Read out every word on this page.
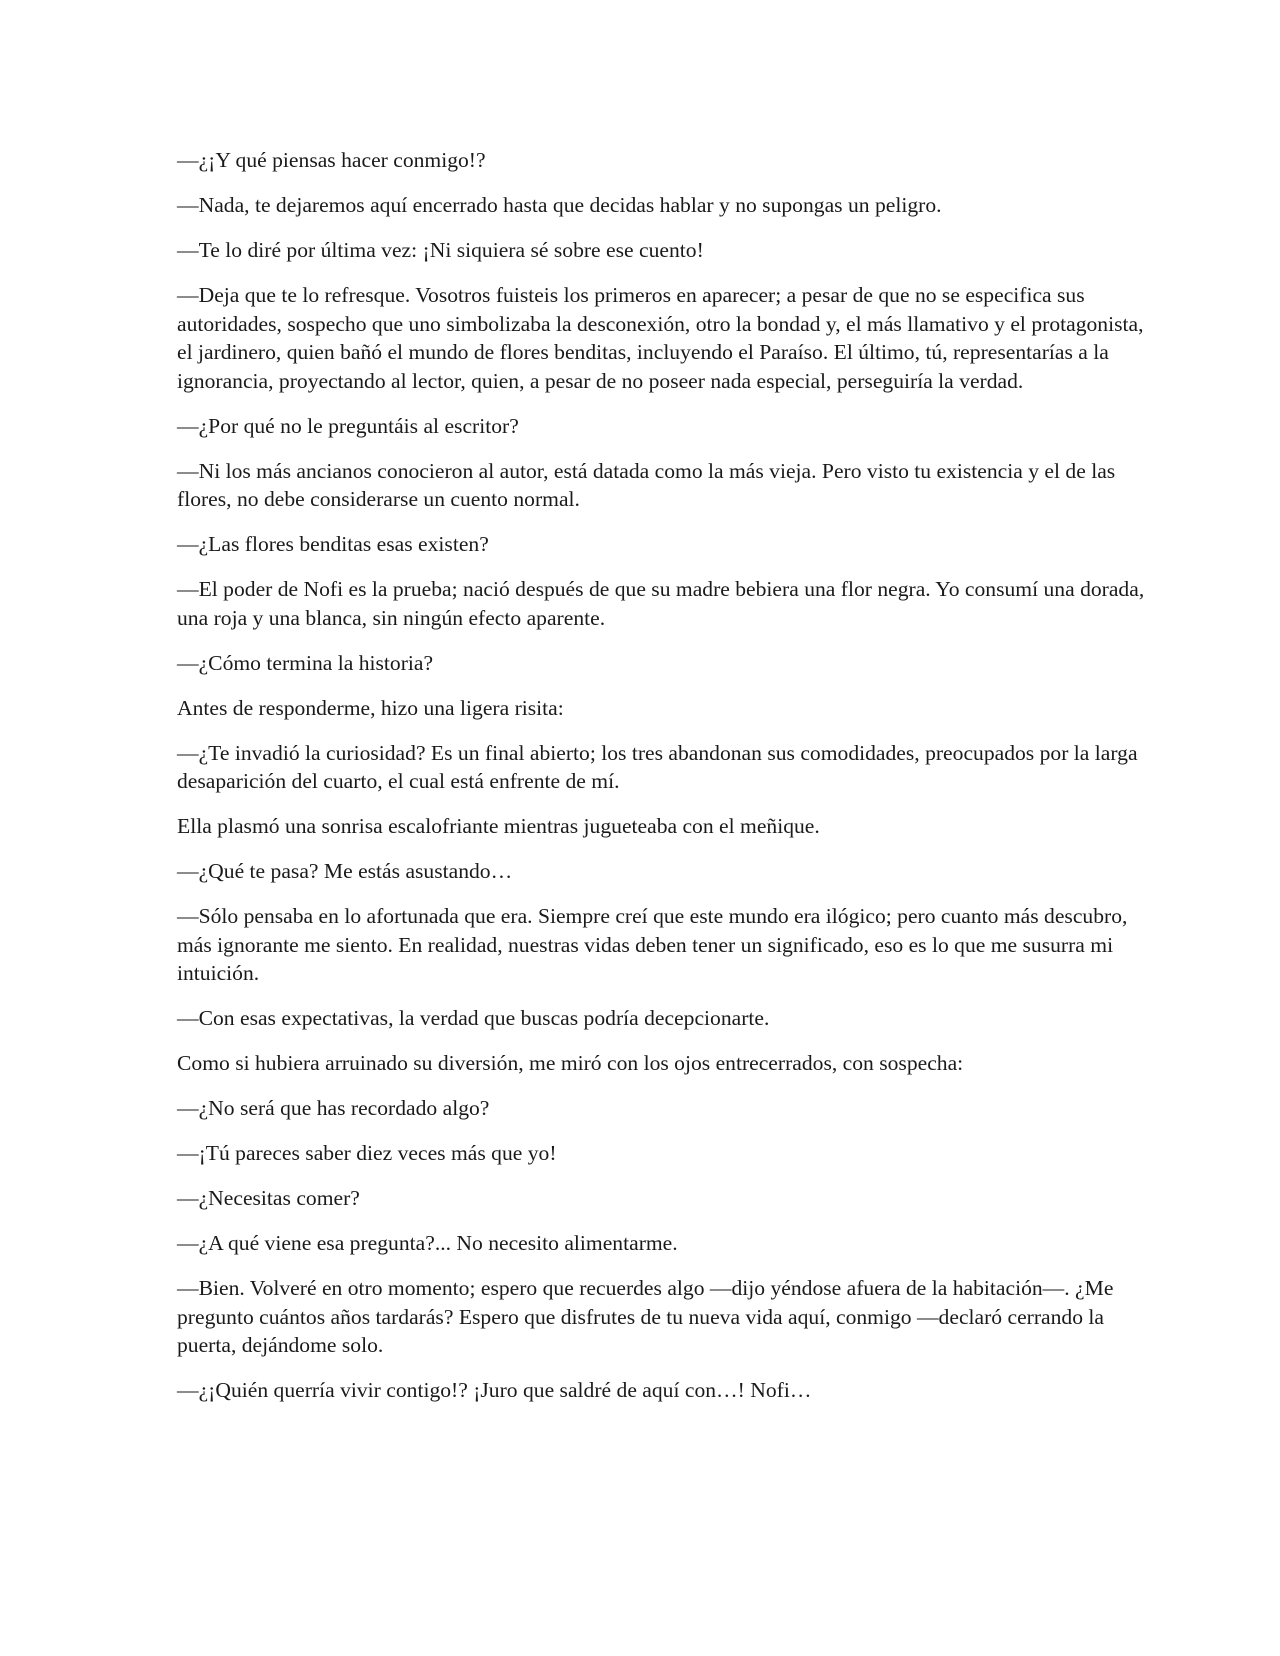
—¿¡Y qué piensas hacer conmigo!?

—Nada, te dejaremos aquí encerrado hasta que decidas hablar y no supongas un peligro.

—Te lo diré por última vez: ¡Ni siquiera sé sobre ese cuento!

—Deja que te lo refresque. Vosotros fuisteis los primeros en aparecer; a pesar de que no se especifica sus autoridades, sospecho que uno simbolizaba la desconexión, otro la bondad y, el más llamativo y el protagonista, el jardinero, quien bañó el mundo de flores benditas, incluyendo el Paraíso. El último, tú, representarías a la ignorancia, proyectando al lector, quien, a pesar de no poseer nada especial, perseguiría la verdad.

—¿Por qué no le preguntáis al escritor?

—Ni los más ancianos conocieron al autor, está datada como la más vieja. Pero visto tu existencia y el de las flores, no debe considerarse un cuento normal.

—¿Las flores benditas esas existen?

—El poder de Nofi es la prueba; nació después de que su madre bebiera una flor negra. Yo consumí una dorada, una roja y una blanca, sin ningún efecto aparente.

—¿Cómo termina la historia?

Antes de responderme, hizo una ligera risita:

—¿Te invadió la curiosidad? Es un final abierto; los tres abandonan sus comodidades, preocupados por la larga desaparición del cuarto, el cual está enfrente de mí.

Ella plasmó una sonrisa escalofriante mientras jugueteaba con el meñique.

—¿Qué te pasa? Me estás asustando…

—Sólo pensaba en lo afortunada que era. Siempre creí que este mundo era ilógico; pero cuanto más descubro, más ignorante me siento. En realidad, nuestras vidas deben tener un significado, eso es lo que me susurra mi intuición.

—Con esas expectativas, la verdad que buscas podría decepcionarte.

Como si hubiera arruinado su diversión, me miró con los ojos entrecerrados, con sospecha:

—¿No será que has recordado algo?

—¡Tú pareces saber diez veces más que yo!

—¿Necesitas comer?

—¿A qué viene esa pregunta?... No necesito alimentarme.

—Bien. Volveré en otro momento; espero que recuerdes algo —dijo yéndose afuera de la habitación—. ¿Me pregunto cuántos años tardarás? Espero que disfrutes de tu nueva vida aquí, conmigo —declaró cerrando la puerta, dejándome solo.

—¿¡Quién querría vivir contigo!? ¡Juro que saldré de aquí con…! Nofi…
